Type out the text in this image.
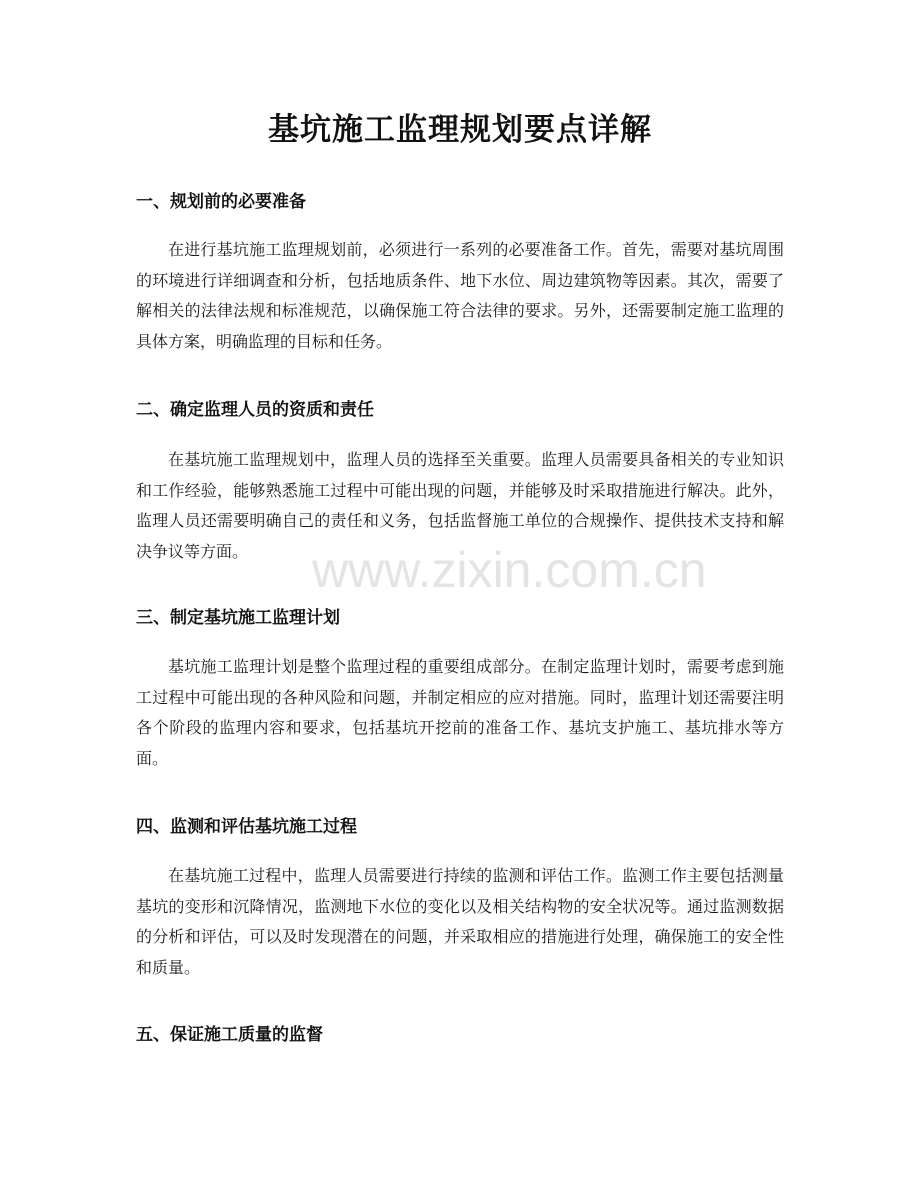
www.zixin.com.cn
基坑施工监理规划要点详解
一、规划前的必要准备

在进行基坑施工监理规划前，必须进行一系列的必要准备工作。首先，需要对基坑周围的环境进行详细调查和分析，包括地质条件、地下水位、周边建筑物等因素。其次，需要了解相关的法律法规和标准规范，以确保施工符合法律的要求。另外，还需要制定施工监理的具体方案，明确监理的目标和任务。

二、确定监理人员的资质和责任

在基坑施工监理规划中，监理人员的选择至关重要。监理人员需要具备相关的专业知识和工作经验，能够熟悉施工过程中可能出现的问题，并能够及时采取措施进行解决。此外，监理人员还需要明确自己的责任和义务，包括监督施工单位的合规操作、提供技术支持和解决争议等方面。

三、制定基坑施工监理计划

基坑施工监理计划是整个监理过程的重要组成部分。在制定监理计划时，需要考虑到施工过程中可能出现的各种风险和问题，并制定相应的应对措施。同时，监理计划还需要注明各个阶段的监理内容和要求，包括基坑开挖前的准备工作、基坑支护施工、基坑排水等方面。

四、监测和评估基坑施工过程

在基坑施工过程中，监理人员需要进行持续的监测和评估工作。监测工作主要包括测量基坑的变形和沉降情况，监测地下水位的变化以及相关结构物的安全状况等。通过监测数据的分析和评估，可以及时发现潜在的问题，并采取相应的措施进行处理，确保施工的安全性和质量。

五、保证施工质量的监督
